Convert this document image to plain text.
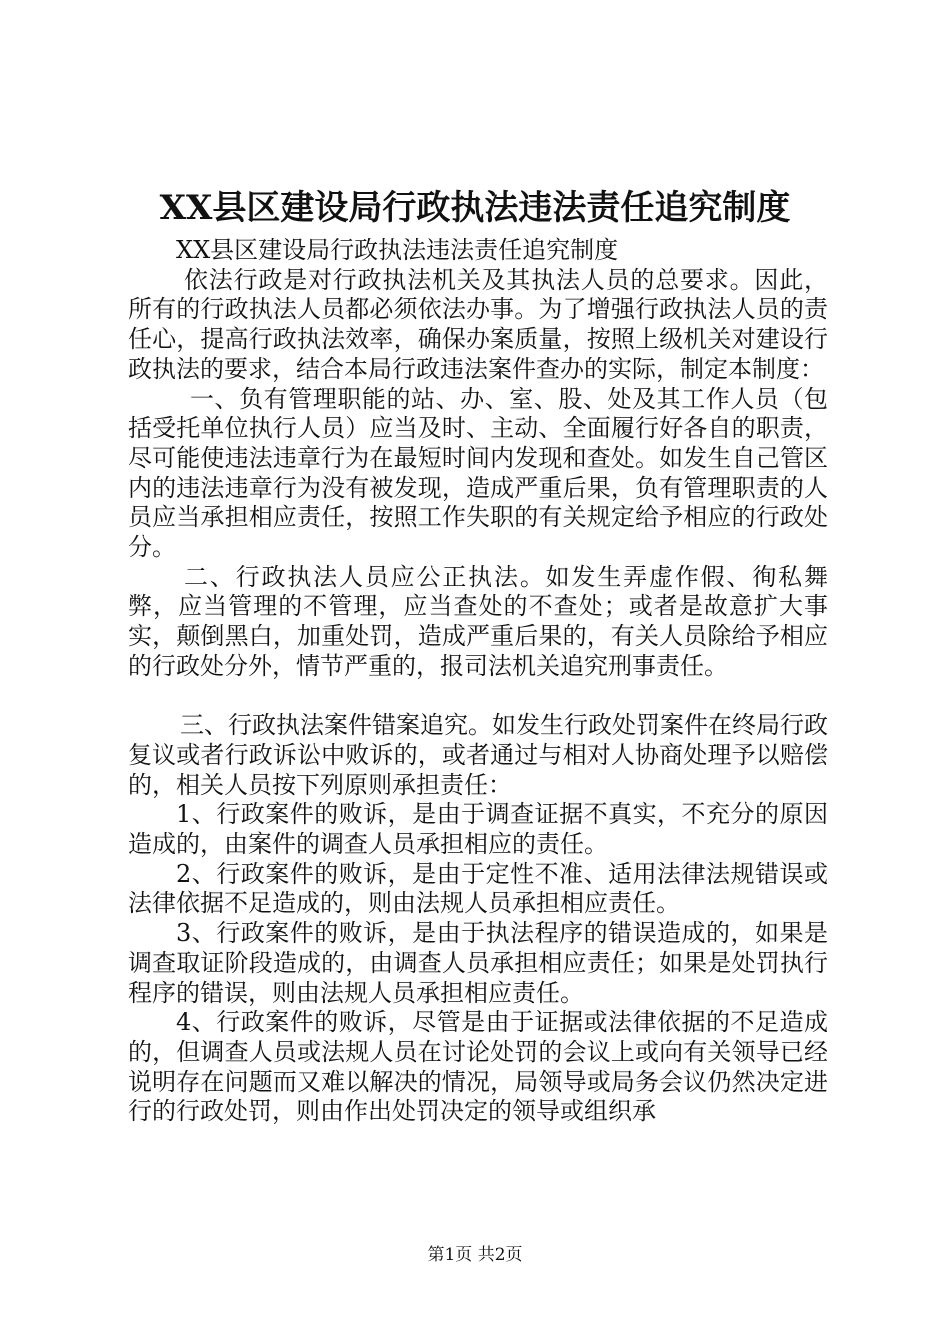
XX县区建设局行政执法违法责任追究制度

XX县区建设局行政执法违法责任追究制度

依法行政是对行政执法机关及其执法人员的总要求。因此，所有的行政执法人员都必须依法办事。为了增强行政执法人员的责任心，提高行政执法效率，确保办案质量，按照上级机关对建设行政执法的要求，结合本局行政违法案件查办的实际，制定本制度：

一、负有管理职能的站、办、室、股、处及其工作人员（包括受托单位执行人员）应当及时、主动、全面履行好各自的职责，尽可能使违法违章行为在最短时间内发现和查处。如发生自己管区内的违法违章行为没有被发现，造成严重后果，负有管理职责的人员应当承担相应责任，按照工作失职的有关规定给予相应的行政处分。

二、行政执法人员应公正执法。如发生弄虚作假、徇私舞弊，应当管理的不管理，应当查处的不查处；或者是故意扩大事实，颠倒黑白，加重处罚，造成严重后果的，有关人员除给予相应的行政处分外，情节严重的，报司法机关追究刑事责任。

三、行政执法案件错案追究。如发生行政处罚案件在终局行政复议或者行政诉讼中败诉的，或者通过与相对人协商处理予以赔偿的，相关人员按下列原则承担责任：

1、行政案件的败诉，是由于调查证据不真实，不充分的原因造成的，由案件的调查人员承担相应的责任。

2、行政案件的败诉，是由于定性不准、适用法律法规错误或法律依据不足造成的，则由法规人员承担相应责任。

3、行政案件的败诉，是由于执法程序的错误造成的，如果是调查取证阶段造成的，由调查人员承担相应责任；如果是处罚执行程序的错误，则由法规人员承担相应责任。

4、行政案件的败诉，尽管是由于证据或法律依据的不足造成的，但调查人员或法规人员在讨论处罚的会议上或向有关领导已经说明存在问题而又难以解决的情况，局领导或局务会议仍然决定进行的行政处罚，则由作出处罚决定的领导或组织承

第1页 共2页
